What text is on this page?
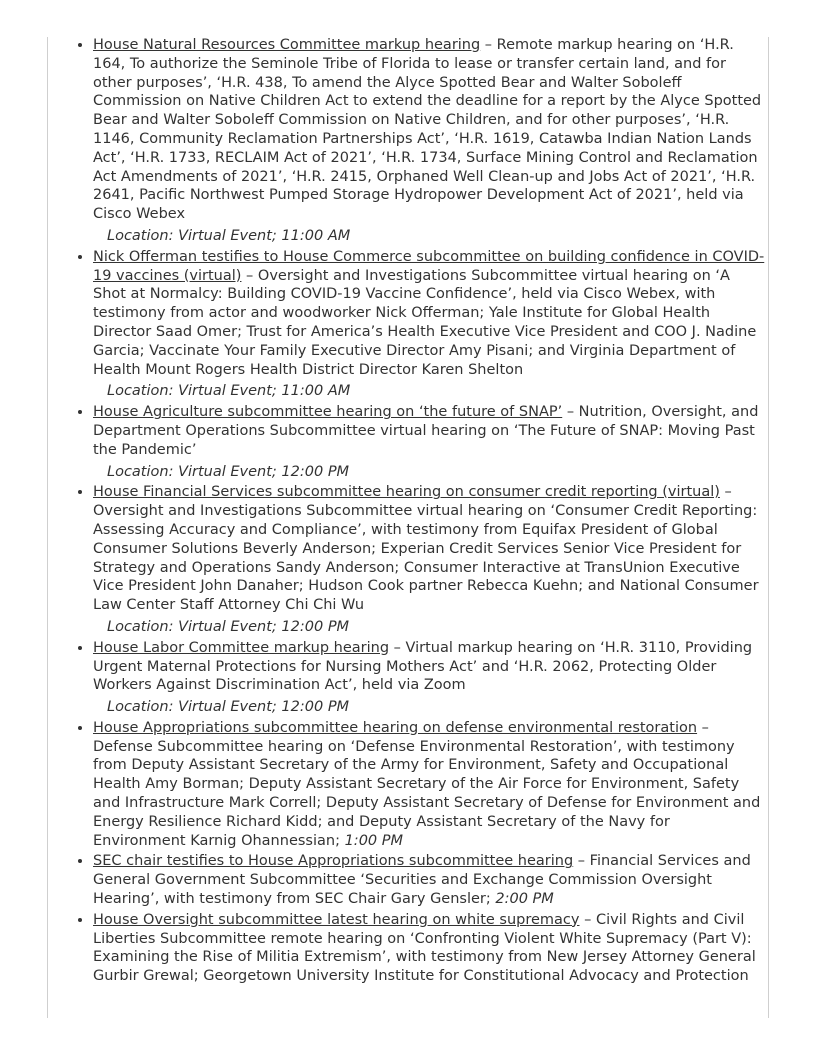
• House Natural Resources Committee markup hearing – Remote markup hearing on ‘H.R. 164, To authorize the Seminole Tribe of Florida to lease or transfer certain land, and for other purposes’, ‘H.R. 438, To amend the Alyce Spotted Bear and Walter Soboleff Commission on Native Children Act to extend the deadline for a report by the Alyce Spotted Bear and Walter Soboleff Commission on Native Children, and for other purposes’, ‘H.R. 1146, Community Reclamation Partnerships Act’, ‘H.R. 1619, Catawba Indian Nation Lands Act’, ‘H.R. 1733, RECLAIM Act of 2021’, ‘H.R. 1734, Surface Mining Control and Reclamation Act Amendments of 2021’, ‘H.R. 2415, Orphaned Well Clean-up and Jobs Act of 2021’, ‘H.R. 2641, Pacific Northwest Pumped Storage Hydropower Development Act of 2021’, held via Cisco Webex
Location: Virtual Event; 11:00 AM
• Nick Offerman testifies to House Commerce subcommittee on building confidence in COVID-19 vaccines (virtual) – Oversight and Investigations Subcommittee virtual hearing on ‘A Shot at Normalcy: Building COVID-19 Vaccine Confidence’, held via Cisco Webex, with testimony from actor and woodworker Nick Offerman; Yale Institute for Global Health Director Saad Omer; Trust for America’s Health Executive Vice President and COO J. Nadine Garcia; Vaccinate Your Family Executive Director Amy Pisani; and Virginia Department of Health Mount Rogers Health District Director Karen Shelton
Location: Virtual Event; 11:00 AM
• House Agriculture subcommittee hearing on ‘the future of SNAP’ – Nutrition, Oversight, and Department Operations Subcommittee virtual hearing on ‘The Future of SNAP: Moving Past the Pandemic’
Location: Virtual Event; 12:00 PM
• House Financial Services subcommittee hearing on consumer credit reporting (virtual) – Oversight and Investigations Subcommittee virtual hearing on ‘Consumer Credit Reporting: Assessing Accuracy and Compliance’, with testimony from Equifax President of Global Consumer Solutions Beverly Anderson; Experian Credit Services Senior Vice President for Strategy and Operations Sandy Anderson; Consumer Interactive at TransUnion Executive Vice President John Danaher; Hudson Cook partner Rebecca Kuehn; and National Consumer Law Center Staff Attorney Chi Chi Wu
Location: Virtual Event; 12:00 PM
• House Labor Committee markup hearing – Virtual markup hearing on ‘H.R. 3110, Providing Urgent Maternal Protections for Nursing Mothers Act’ and ‘H.R. 2062, Protecting Older Workers Against Discrimination Act’, held via Zoom
Location: Virtual Event; 12:00 PM
• House Appropriations subcommittee hearing on defense environmental restoration – Defense Subcommittee hearing on ‘Defense Environmental Restoration’, with testimony from Deputy Assistant Secretary of the Army for Environment, Safety and Occupational Health Amy Borman; Deputy Assistant Secretary of the Air Force for Environment, Safety and Infrastructure Mark Correll; Deputy Assistant Secretary of Defense for Environment and Energy Resilience Richard Kidd; and Deputy Assistant Secretary of the Navy for Environment Karnig Ohannessian; 1:00 PM
• SEC chair testifies to House Appropriations subcommittee hearing – Financial Services and General Government Subcommittee ‘Securities and Exchange Commission Oversight Hearing’, with testimony from SEC Chair Gary Gensler; 2:00 PM
• House Oversight subcommittee latest hearing on white supremacy – Civil Rights and Civil Liberties Subcommittee remote hearing on ‘Confronting Violent White Supremacy (Part V): Examining the Rise of Militia Extremism’, with testimony from New Jersey Attorney General Gurbir Grewal; Georgetown University Institute for Constitutional Advocacy and Protection
